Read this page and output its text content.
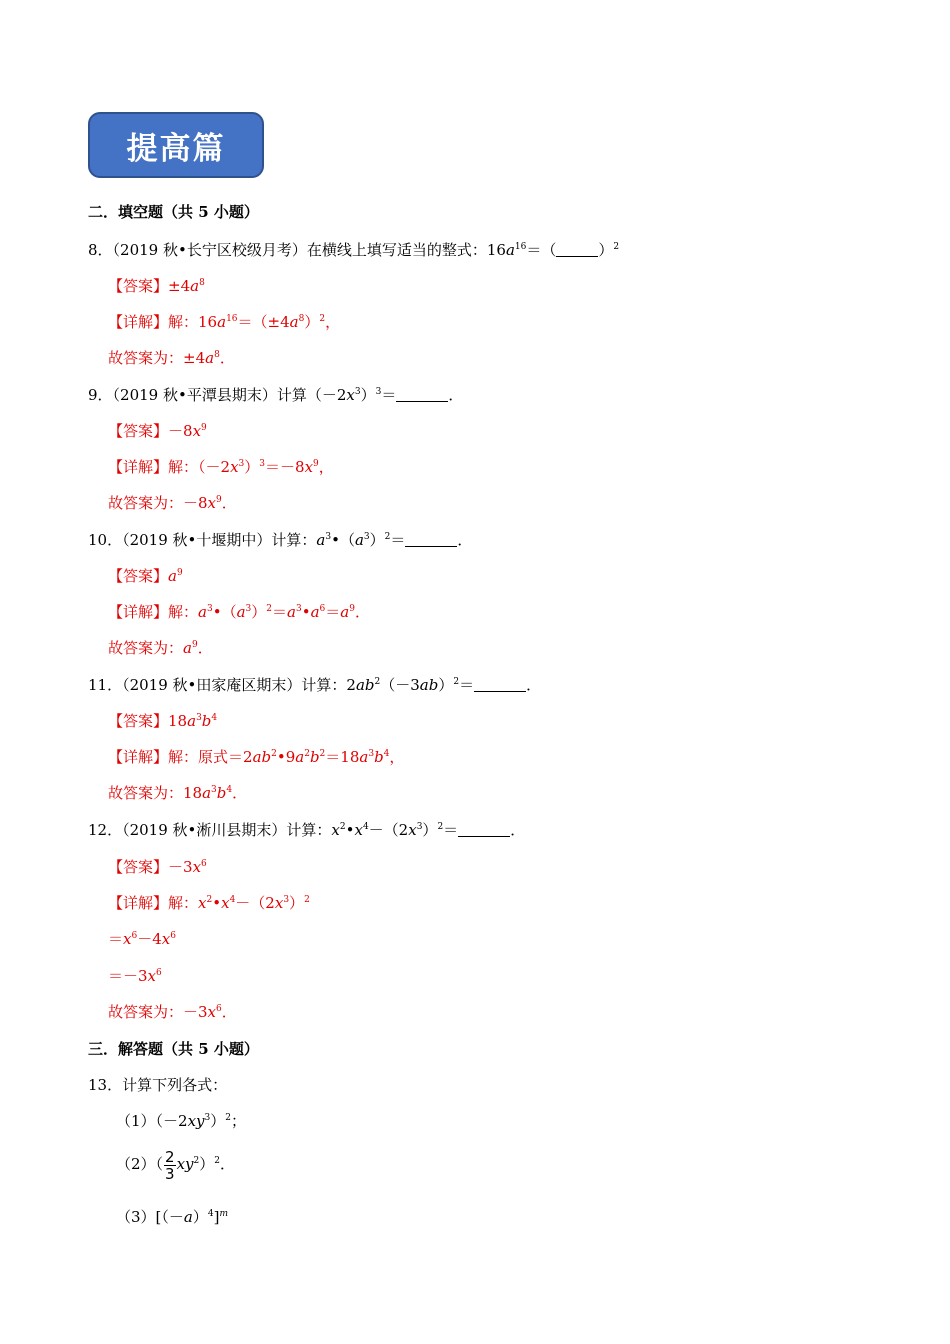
提高篇
二．填空题（共 5 小题）
8．（2019 秋•长宁区校级月考）在横线上填写适当的整式：$16a^{16}=$（	）$^2$
【答案】$\pm 4a^8$
【详解】解：$16a^{16}=(\pm 4a^8)^2$，
故答案为：$\pm 4a^8$．
9．（2019 秋•平潭县期末）计算$(-2x^3)^3=$	．
【答案】$-8x^9$
【详解】解：$(-2x^3)^3=-8x^9$，
故答案为：$-8x^9$．
10．（2019 秋•十堰期中）计算：$a^3•(a^3)^2=$	．
【答案】$a^9$
【详解】解：$a^3•(a^3)^2=a^3•a^6=a^9$．
故答案为：$a^9$．
11．（2019 秋•田家庵区期末）计算：$2ab^2(-3ab)^2=$	．
【答案】$18a^3b^4$
【详解】解：原式$=2ab^2•9a^2b^2=18a^3b^4$，
故答案为：$18a^3b^4$．
12．（2019 秋•淅川县期末）计算：$x^2•x^4-(2x^3)^2=$	．
【答案】$-3x^6$
【详解】解：$x^2•x^4-(2x^3)^2$
$=x^6-4x^6$
$=-3x^6$
故答案为：$-3x^6$．
三．解答题（共 5 小题）
13．计算下列各式：
$(1)(-2xy^3)^2$；
$(2)( \frac{2}{3} xy^2)^2$．
$(3)[(-a)^4]^m$
